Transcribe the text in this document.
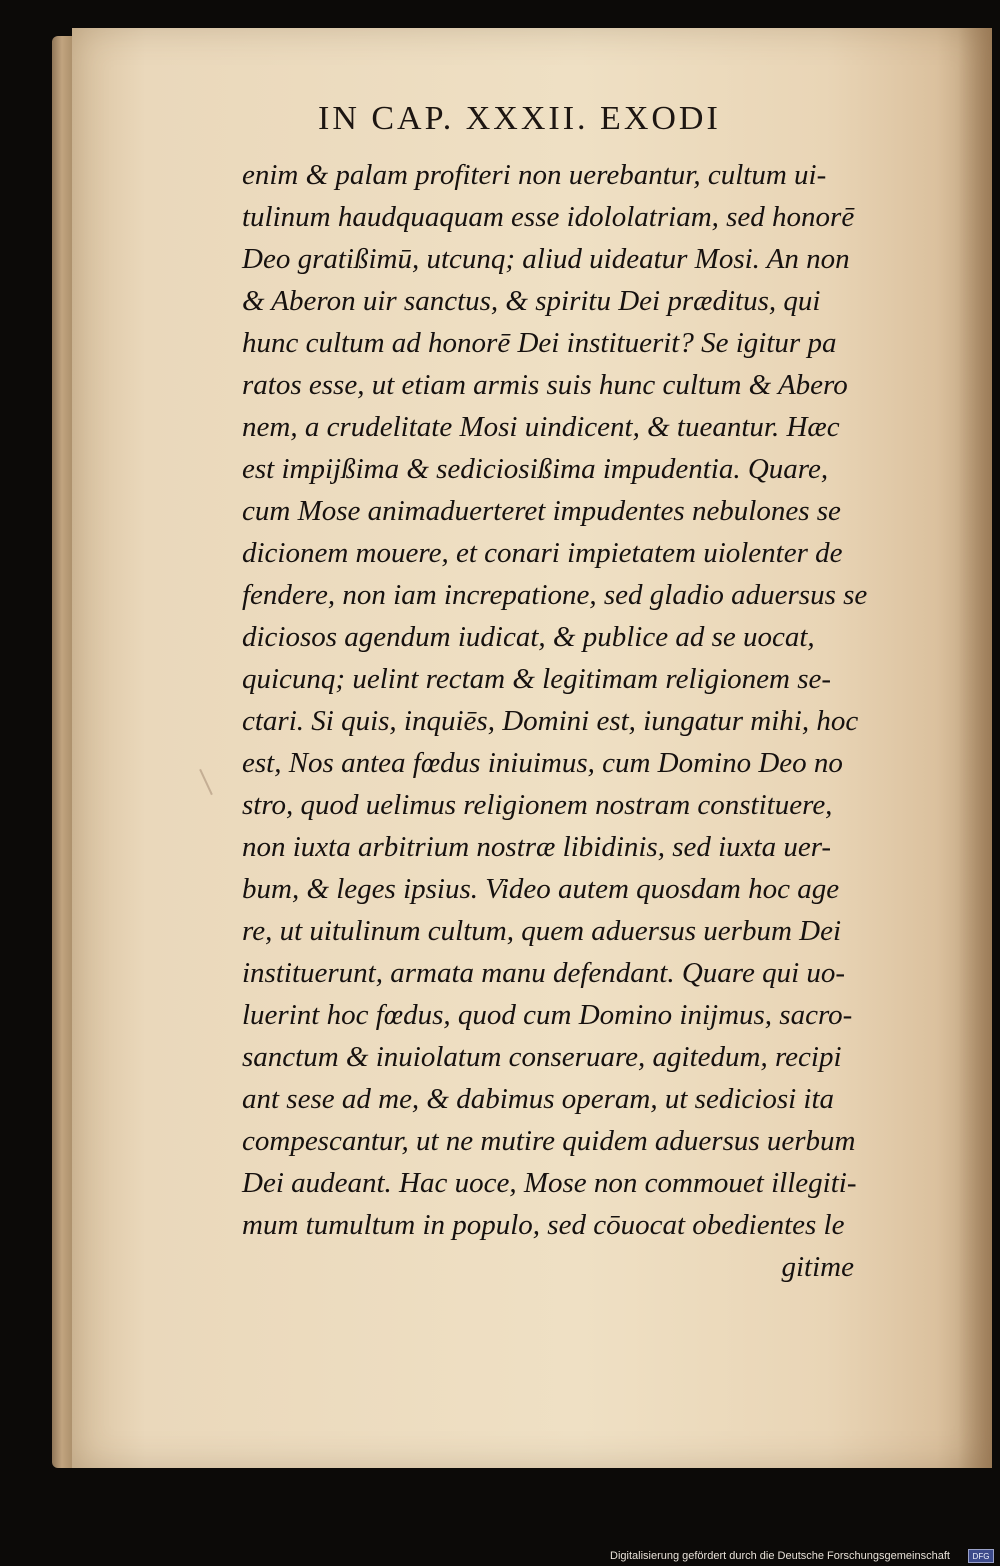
IN CAP. XXXII. EXODI
enim & palam profiteri non uerebantur, cultum ui-
tulinum haudquaquam esse idololatriam, sed honorē
Deo gratißimū, utcunq; aliud uideatur Mosi. An non
& Aberon uir sanctus, & spiritu Dei præditus, qui
hunc cultum ad honorē Dei instituerit? Se igitur pa
ratos esse, ut etiam armis suis hunc cultum & Abero
nem, a crudelitate Mosi uindicent, & tueantur. Hæc
est impijßima & sediciosißima impudentia. Quare,
cum Mose animaduerteret impudentes nebulones se
dicionem mouere, et conari impietatem uiolenter de
fendere, non iam increpatione, sed gladio aduersus se
diciosos agendum iudicat, & publice ad se uocat,
quicunq; uelint rectam & legitimam religionem se-
ctari. Si quis, inquiēs, Domini est, iungatur mihi, hoc
est, Nos antea fœdus iniuimus, cum Domino Deo no
stro, quod uelimus religionem nostram constituere,
non iuxta arbitrium nostræ libidinis, sed iuxta uer-
bum, & leges ipsius. Video autem quosdam hoc age
re, ut uitulinum cultum, quem aduersus uerbum Dei
instituerunt, armata manu defendant. Quare qui uo-
luerint hoc fœdus, quod cum Domino inijmus, sacro-
sanctum & inuiolatum conseruare, agitedum, recipi
ant sese ad me, & dabimus operam, ut sediciosi ita
compescantur, ut ne mutire quidem aduersus uerbum
Dei audeant. Hac uoce, Mose non commouet illegiti-
mum tumultum in populo, sed cōuocat obedientes le
gitime
Digitalisierung gefördert durch die Deutsche Forschungsgemeinschaft	DFG
